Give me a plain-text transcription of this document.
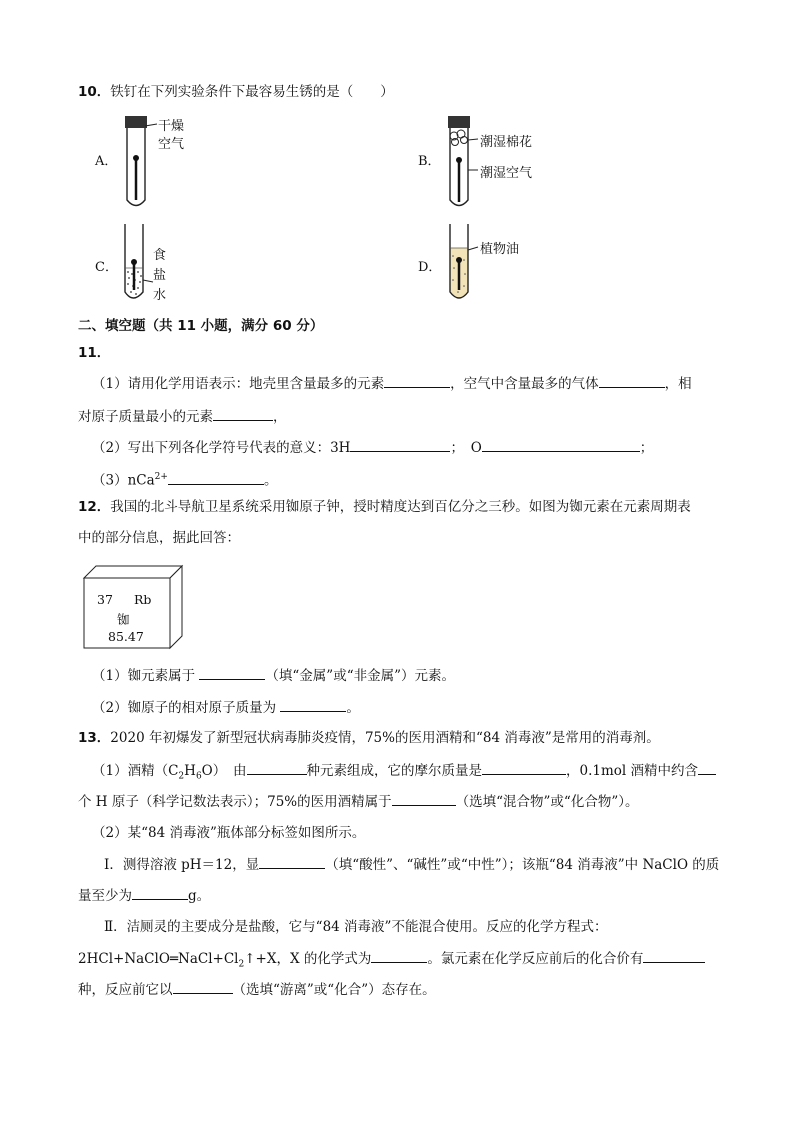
10．铁钉在下列实验条件下最容易生锈的是（　　）
A．
干燥
空气
B．
潮湿棉花
潮湿空气
C．
食
盐
水
D．
植物油
二、填空题（共 11 小题，满分 60 分）
11．
（1）请用化学用语表示：地壳里含量最多的元素	，空气中含量最多的气体	，相
对原子质量最小的元素	，
（2）写出下列各化学符号代表的意义：3H	；　O	；
（3）nCa$^{2+}$	。
12．我国的北斗导航卫星系统采用铷原子钟，授时精度达到百亿分之三秒。如图为铷元素在元素周期表
中的部分信息，据此回答：
37 Rb
铷
85.47
（1）铷元素属于	（填“金属”或“非金属”）元素。
（2）铷原子的相对原子质量为	。
13．2020 年初爆发了新型冠状病毒肺炎疫情，75%的医用酒精和“84 消毒液”是常用的消毒剂。
（1）酒精$(C_2H_6O)$　由	种元素组成，它的摩尔质量是	，0.1mol 酒精中约含
个 H 原子（科学记数法表示）；75%的医用酒精属于	（选填“混合物”或“化合物”）。
（2）某“84 消毒液”瓶体部分标签如图所示。
Ⅰ．测得溶液 pH＝12，显	（填“酸性”、“碱性”或“中性”）；该瓶“84 消毒液”中 NaClO 的质
量至少为	g。
Ⅱ．洁厕灵的主要成分是盐酸，它与“84 消毒液”不能混合使用。反应的化学方程式：
$2HCl+NaClO═NaCl+Cl_2↑+X$，X 的化学式为	。氯元素在化学反应前后的化合价有
种，反应前它以	（选填“游离”或“化合”）态存在。
